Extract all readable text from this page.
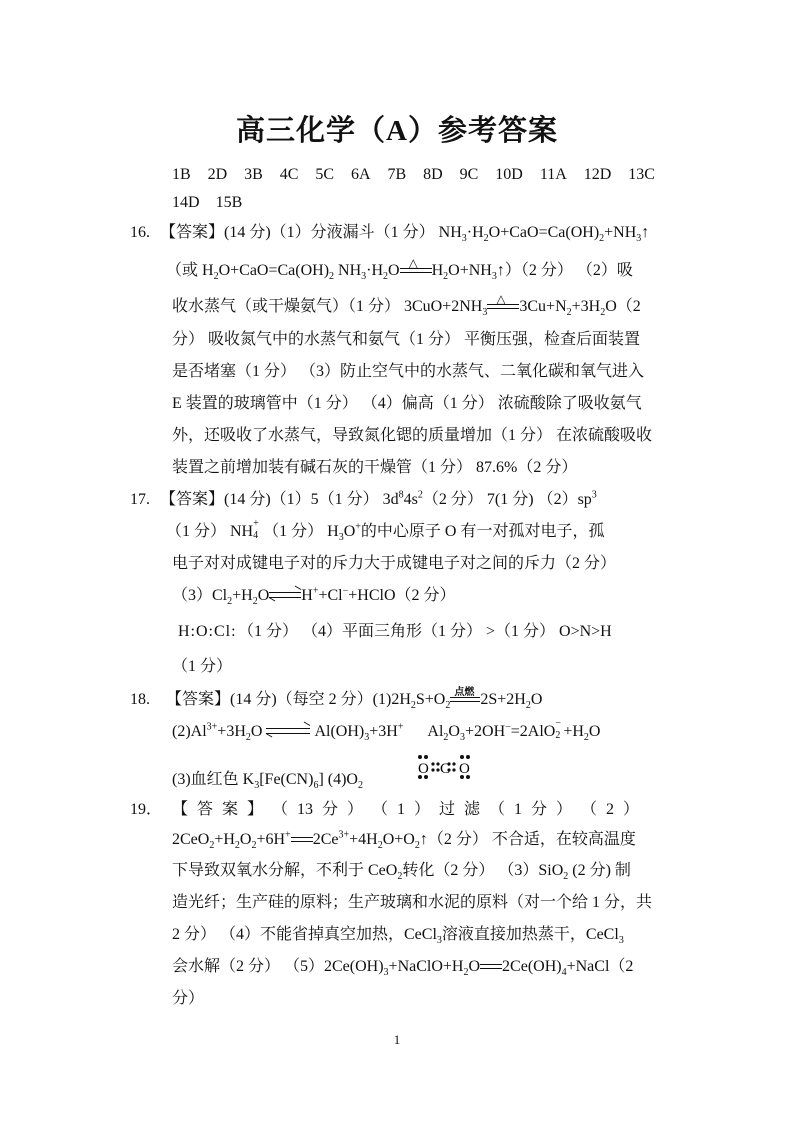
高三化学（A）参考答案
1B 2D 3B 4C 5C 6A 7B 8D 9C 10D 11A 12D 13C
14D 15B
16. 【答案】(14 分)（1）分液漏斗（1 分） $NH_3\cdot H_2O+CaO=Ca(OH)_2+NH_3↑$
（或 $H_2O+CaO=Ca(OH)_2$ $NH_3\cdot H_2O$ △ $H_2O+NH_3↑)(2$ 分） （2）吸
收水蒸气（或干燥氨气）（1 分） $3CuO+2NH_3$
△ $3Cu+N_2+3H_2O(2$
分） 吸收氮气中的水蒸气和氨气（1 分） 平衡压强，检查后面装置
是否堵塞（1 分） （3）防止空气中的水蒸气、二氧化碳和氧气进入
E 装置的玻璃管中（1 分） （4）偏高（1 分） 浓硫酸除了吸收氨气
外，还吸收了水蒸气，导致氮化锶的质量增加（1 分） 在浓硫酸吸收
装置之前增加装有碱石灰的干燥管（1 分） 87.6%（2 分）
17. 【答案】(14 分)（1）5（1 分） $3d^84s^2(2$ 分） 7(1 分) $(2)sp^3$
（1 分） NH +
4 （1 分） $H_3O^+$的中心原子 O 有一对孤对电子，孤
电子对对成键电子对的斥力大于成键电子对之间的斥力（2 分）
$(3)Cl_2+H_2O$ H++Cl−+HClO（2 分）
H:O:Cl: （1 分） （4）平面三角形（1 分） >（1 分） O>N>H
（1 分）
18. 【答案】(14 分)（每空 2 分）$(1)2H_2S+O_2$
点燃 $2S+2H_2O$
$(2)Al^{3+}+3H_2O$	$Al(OH)_3+3H^+$ $Al_2O_3+2OH^-=2AlO$ −
$2 +H_2O$
(3)血红色 $K_3[Fe(CN)_6]$ $(4)O_2$
O C O
19． 【 答 案 】 （ 13 分 ） （ 1 ） 过 滤 （ 1 分 ） （ 2 ）
$2CeO_2+H_2O_2+6H^+$ $2Ce^{3+}+4H_2O+O_2↑(2$ 分） 不合适，在较高温度
下导致双氧水分解，不利于 CeO$_2$转化（2 分） （3）SiO$_2$ (2 分) 制
造光纤；生产硅的原料；生产玻璃和水泥的原料（对一个给 1 分，共
2 分） （4）不能省掉真空加热，CeCl$_3$溶液直接加热蒸干，CeCl$_3$
会水解（2 分） $(5)2Ce(OH)_3+NaClO+H_2O$ $2Ce(OH)_4+NaCl(2$
分）
1
